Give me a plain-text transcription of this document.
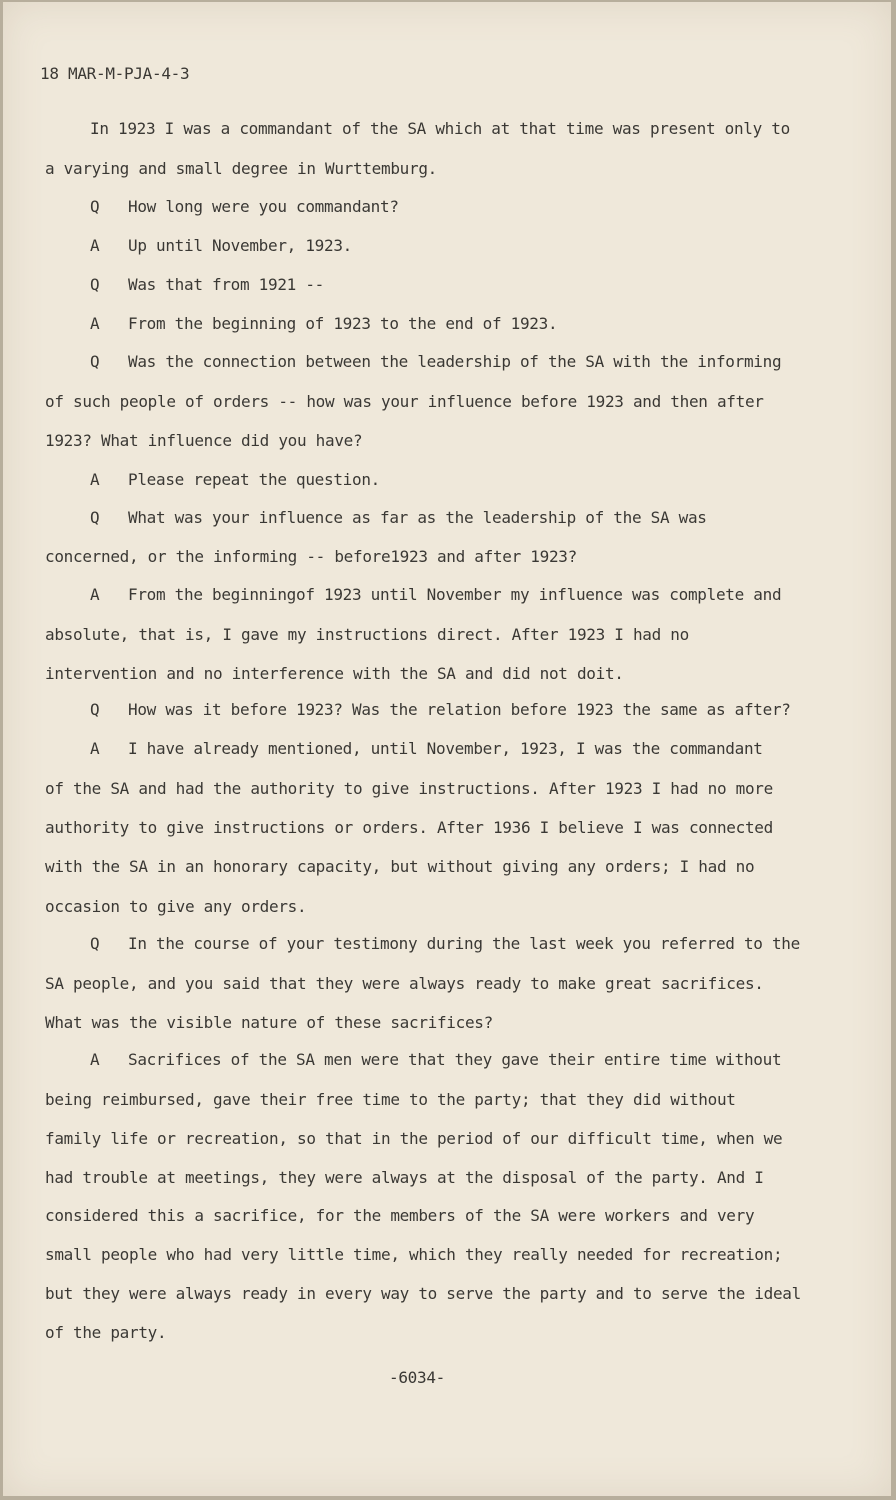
18 MAR-M-PJA-4-3
In 1923 I was a commandant of the SA which at that time was present only to
a varying and small degree in Wurttemburg.
Q How long were you commandant?
A Up until November, 1923.
Q Was that from 1921 --
A From the beginning of 1923 to the end of 1923.
Q Was the connection between the leadership of the SA with the informing
of such people of orders -- how was your influence before 1923 and then after
1923? What influence did you have?
A Please repeat the question.
Q What was your influence as far as the leadership of the SA was
concerned, or the informing -- before1923 and after 1923?
A From the beginningof 1923 until November my influence was complete and
absolute, that is, I gave my instructions direct. After 1923 I had no
intervention and no interference with the SA and did not doit.
Q How was it before 1923? Was the relation before 1923 the same as after?
A I have already mentioned, until November, 1923, I was the commandant
of the SA and had the authority to give instructions. After 1923 I had no more
authority to give instructions or orders. After 1936 I believe I was connected
with the SA in an honorary capacity, but without giving any orders; I had no
occasion to give any orders.
Q In the course of your testimony during the last week you referred to the
SA people, and you said that they were always ready to make great sacrifices.
What was the visible nature of these sacrifices?
A Sacrifices of the SA men were that they gave their entire time without
being reimbursed, gave their free time to the party; that they did without
family life or recreation, so that in the period of our difficult time, when we
had trouble at meetings, they were always at the disposal of the party. And I
considered this a sacrifice, for the members of the SA were workers and very
small people who had very little time, which they really needed for recreation;
but they were always ready in every way to serve the party and to serve the ideal
of the party.
-6034-
